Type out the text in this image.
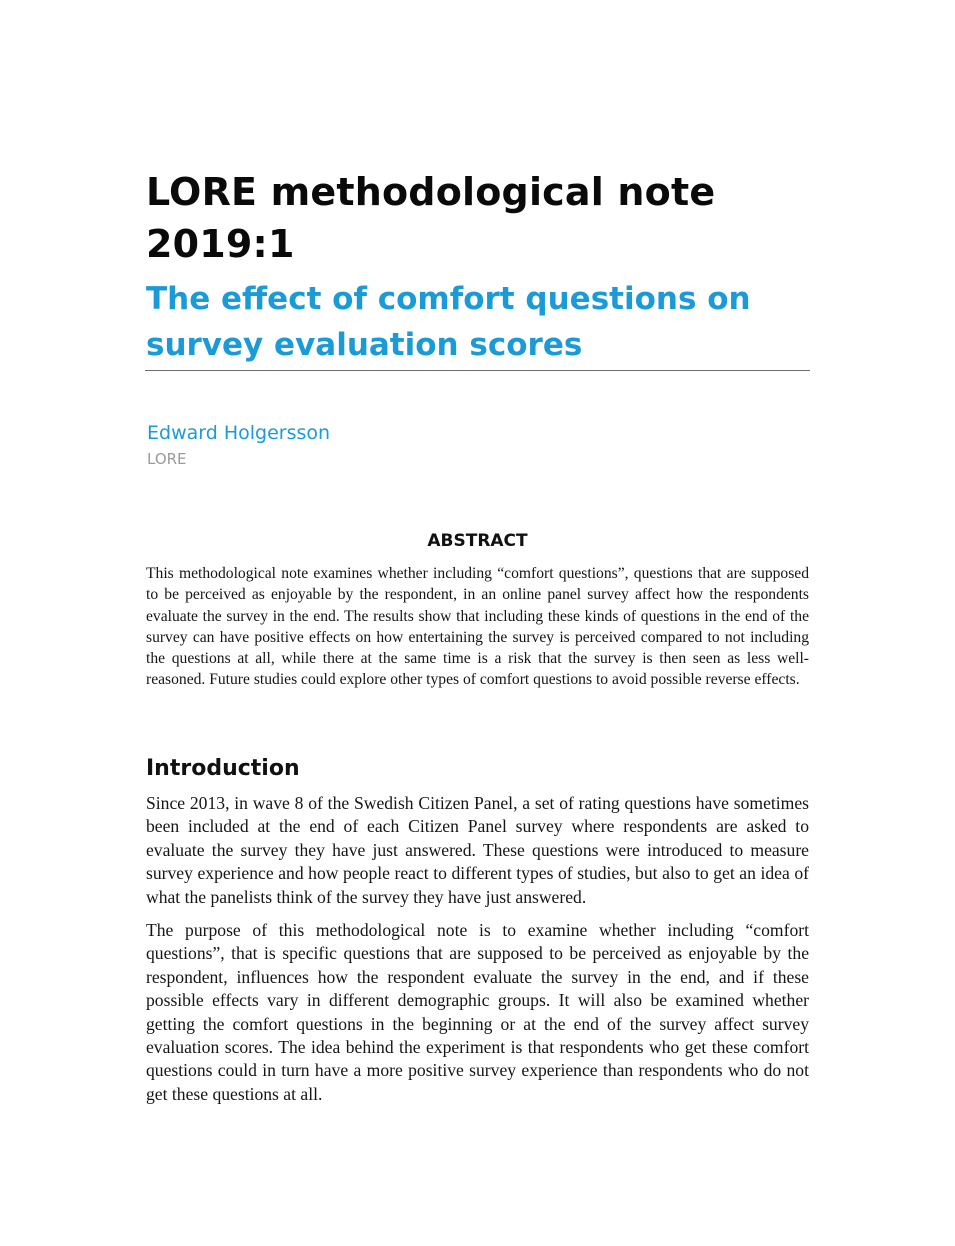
LORE methodological note 2019:1
The effect of comfort questions on survey evaluation scores
Edward Holgersson
LORE
ABSTRACT

This methodological note examines whether including “comfort questions”, questions that are supposed to be perceived as enjoyable by the respondent, in an online panel survey affect how the respondents evaluate the survey in the end. The results show that including these kinds of questions in the end of the survey can have positive effects on how entertaining the survey is perceived compared to not including the questions at all, while there at the same time is a risk that the survey is then seen as less well-reasoned. Future studies could explore other types of comfort questions to avoid possible reverse effects.

Introduction

Since 2013, in wave 8 of the Swedish Citizen Panel, a set of rating questions have sometimes been included at the end of each Citizen Panel survey where respondents are asked to evaluate the survey they have just answered. These questions were introduced to measure survey experience and how people react to different types of studies, but also to get an idea of what the panelists think of the survey they have just answered.

The purpose of this methodological note is to examine whether including “comfort questions”, that is specific questions that are supposed to be perceived as enjoyable by the respondent, influences how the respondent evaluate the survey in the end, and if these possible effects vary in different demographic groups. It will also be examined whether getting the comfort questions in the beginning or at the end of the survey affect survey evaluation scores. The idea behind the experiment is that respondents who get these comfort questions could in turn have a more positive survey experience than respondents who do not get these questions at all.
